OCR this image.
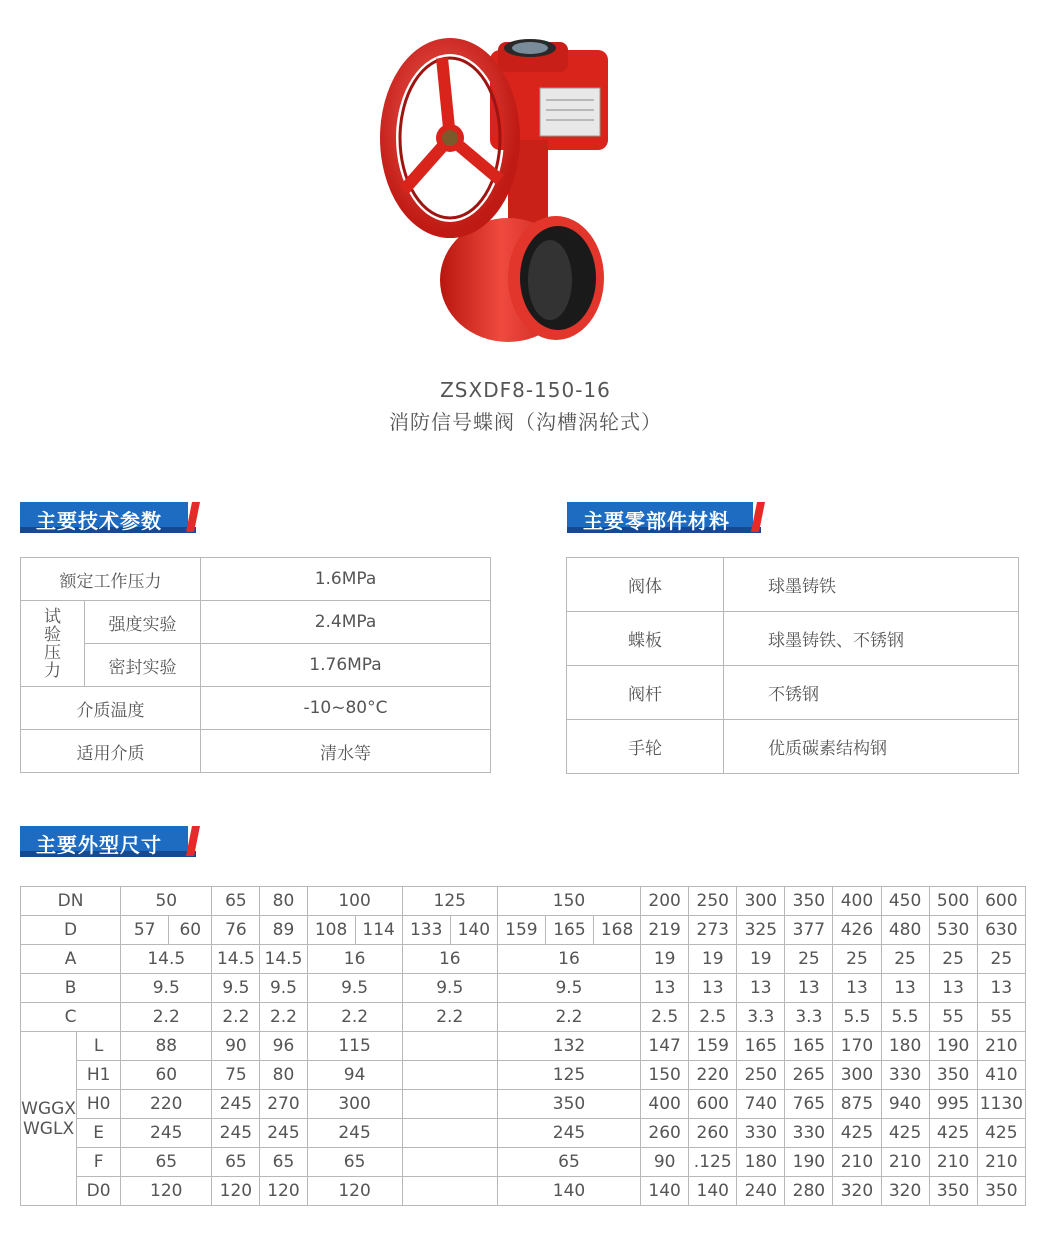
ZSXDF8-150-16
消防信号蝶阀（沟槽涡轮式）
主要技术参数	主要零部件材料
额定工作压力		1.6MPa

试
验
压
力	强度实验	2.4MPa
	密封实验	1.76MPa
介质温度		-10~80°C
适用介质		清水等
阀体	球墨铸铁
蝶板	球墨铸铁、不锈钢
阀杆	不锈钢
手轮	优质碳素结构钢
主要外型尺寸
DN		50		65	80	100		125		150			200	250	300	350	400	450	500	600
D		57	60	76	89	108	114	133	140	159	165	168	219	273	325	377	426	480	530	630
A		14.5		14.5	14.5	16		16		16			19	19	19	25	25	25	25	25
B		9.5		9.5	9.5	9.5		9.5		9.5			13	13	13	13	13	13	13	13
C		2.2		2.2	2.2	2.2		2.2		2.2			2.5	2.5	3.3	3.3	5.5	5.5	55	55

WGGX
WGLX	L	88		90	96	115				132			147	159	165	165	170	180	190	210
	H1	60		75	80	94				125			150	220	250	265	300	330	350	410
	H0	220		245	270	300				350			400	600	740	765	875	940	995	1130
	E	245		245	245	245				245			260	260	330	330	425	425	425	425
	F	65		65	65	65				65			90	.125	180	190	210	210	210	210
	D0	120		120	120	120				140			140	140	240	280	320	320	350	350
